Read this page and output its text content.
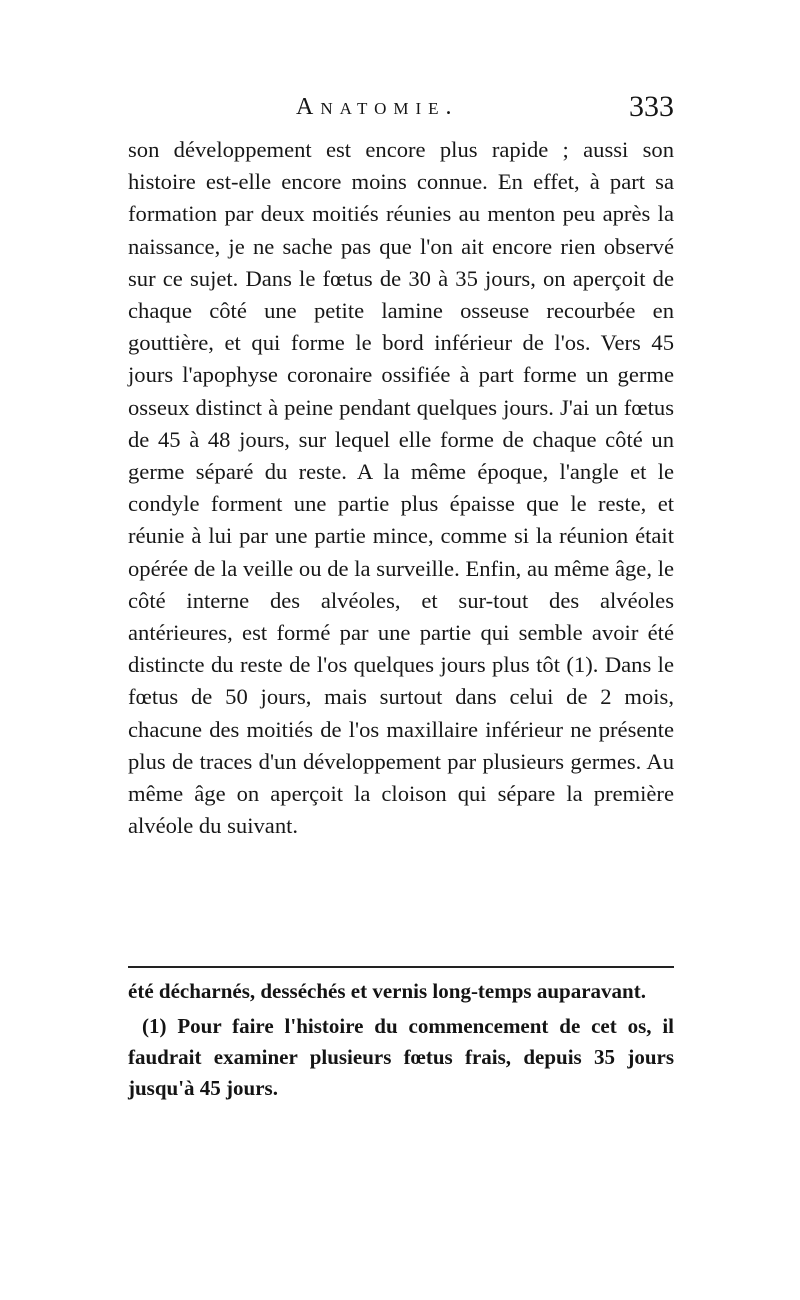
Anatomie.	333
son développement est encore plus rapide ; aussi son histoire est-elle encore moins connue. En effet, à part sa formation par deux moitiés réunies au menton peu après la naissance, je ne sache pas que l'on ait encore rien observé sur ce sujet. Dans le fœtus de 30 à 35 jours, on aperçoit de chaque côté une petite lamine osseuse recourbée en gouttière, et qui forme le bord inférieur de l'os. Vers 45 jours l'apophyse coronaire ossifiée à part forme un germe osseux distinct à peine pendant quelques jours. J'ai un fœtus de 45 à 48 jours, sur lequel elle forme de chaque côté un germe séparé du reste. A la même époque, l'angle et le condyle forment une partie plus épaisse que le reste, et réunie à lui par une partie mince, comme si la réunion était opérée de la veille ou de la surveille. Enfin, au même âge, le côté interne des alvéoles, et sur-tout des alvéoles antérieures, est formé par une partie qui semble avoir été distincte du reste de l'os quelques jours plus tôt (1). Dans le fœtus de 50 jours, mais surtout dans celui de 2 mois, chacune des moitiés de l'os maxillaire inférieur ne présente plus de traces d'un développement par plusieurs germes. Au même âge on aperçoit la cloison qui sépare la première alvéole du suivant.

été décharnés, desséchés et vernis long-temps auparavant.

(1) Pour faire l'histoire du commencement de cet os, il faudrait examiner plusieurs fœtus frais, depuis 35 jours jusqu'à 45 jours.
